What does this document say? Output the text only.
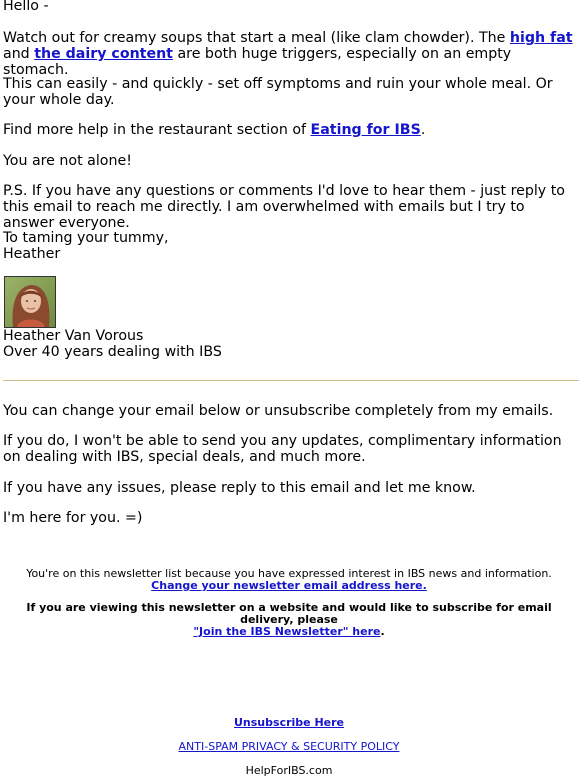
Hello -

Watch out for creamy soups that start a meal (like clam chowder). The high fat and the dairy content are both huge triggers, especially on an empty stomach.

This can easily - and quickly - set off symptoms and ruin your whole meal. Or your whole day.

Find more help in the restaurant section of Eating for IBS.

You are not alone!

P.S. If you have any questions or comments I'd love to hear them - just reply to this email to reach me directly. I am overwhelmed with emails but I try to answer everyone.

To taming your tummy,
Heather

Heather Van Vorous
Over 40 years dealing with IBS

You can change your email below or unsubscribe completely from my emails.

If you do, I won't be able to send you any updates, complimentary information on dealing with IBS, special deals, and much more.

If you have any issues, please reply to this email and let me know.

I'm here for you. =)

You're on this newsletter list because you have expressed interest in IBS news and information.
Change your newsletter email address here.
If you are viewing this newsletter on a website and would like to subscribe for email delivery, please
"Join the IBS Newsletter" here.
Unsubscribe Here
ANTI-SPAM PRIVACY & SECURITY POLICY
HelpForIBS.com
